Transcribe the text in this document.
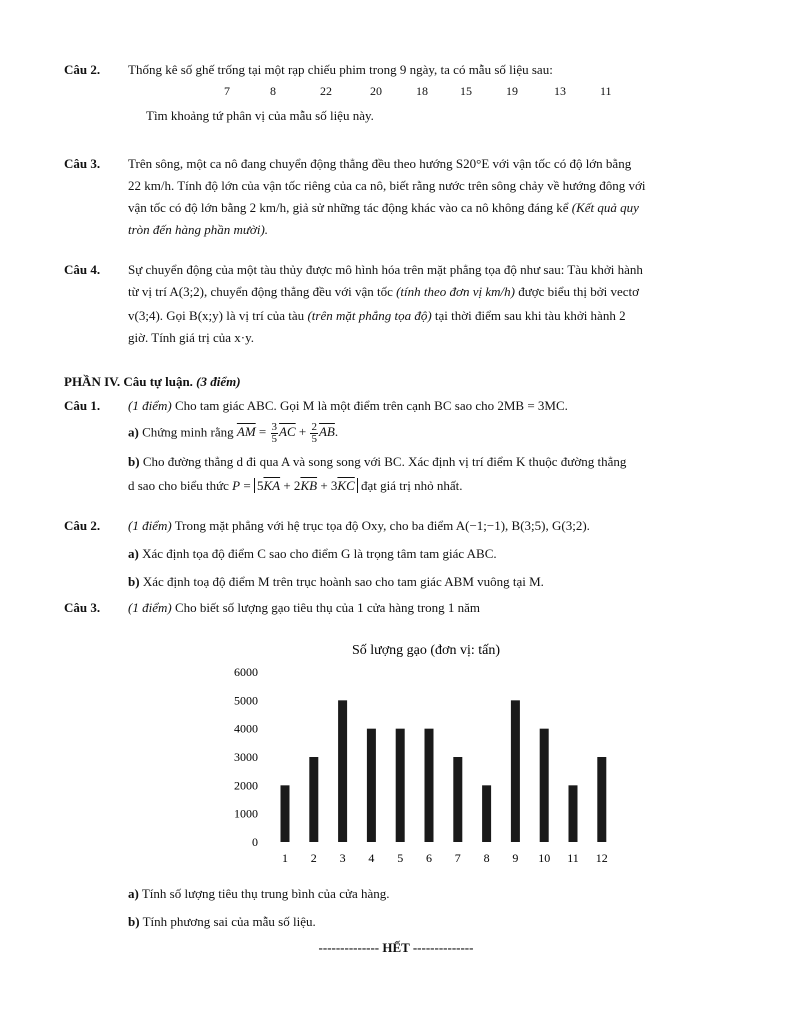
Câu 2. Thống kê số ghế trống tại một rạp chiếu phim trong 9 ngày, ta có mẫu số liệu sau:
7	8	22	20	18	15	19	13	11
Tìm khoảng tứ phân vị của mẫu số liệu này.
Câu 3. Trên sông, một ca nô đang chuyển động thẳng đều theo hướng S20°E với vận tốc có độ lớn bằng
22 km/h. Tính độ lớn của vận tốc riêng của ca nô, biết rằng nước trên sông chảy về hướng đông với
vận tốc có độ lớn bằng 2 km/h, giả sử những tác động khác vào ca nô không đáng kể (Kết quả quy
tròn đến hàng phần mười).
Câu 4. Sự chuyển động của một tàu thủy được mô hình hóa trên mặt phẳng tọa độ như sau: Tàu khởi hành
từ vị trí A(3;2), chuyển động thẳng đều với vận tốc (tính theo đơn vị km/h) được biểu thị bởi vectơ
v(3;4). Gọi B(x;y) là vị trí của tàu (trên mặt phẳng tọa độ) tại thời điểm sau khi tàu khởi hành 2
giờ. Tính giá trị của x·y.
PHẦN IV. Câu tự luận. (3 điểm)
Câu 1. (1 điểm) Cho tam giác ABC. Gọi M là một điểm trên cạnh BC sao cho 2MB = 3MC.
a) Chứng minh rằng $\overline{AM} = \frac{3}{5} \overline{AC} + \frac{2}{5} \overline{AB}$.
b) Cho đường thẳng d đi qua A và song song với BC. Xác định vị trí điểm K thuộc đường thẳng
d sao cho biểu thức $P = 5\overline{KA} + 2\overline{KB} + 3\overline{KC}$ đạt giá trị nhỏ nhất.
Câu 2. (1 điểm) Trong mặt phẳng với hệ trục tọa độ Oxy, cho ba điểm A(−1;−1), B(3;5), G(3;2).
a) Xác định tọa độ điểm C sao cho điểm G là trọng tâm tam giác ABC.
b) Xác định toạ độ điểm M trên trục hoành sao cho tam giác ABM vuông tại M.
Câu 3. (1 điểm) Cho biết số lượng gạo tiêu thụ của 1 cửa hàng trong 1 năm
Số lượng gạo (đơn vị: tấn)
0
1000
2000
3000
4000
5000
6000
1 2 3 4 5 6 7 8 9 10 11 12
a) Tính số lượng tiêu thụ trung bình của cửa hàng.
b) Tính phương sai của mẫu số liệu.
-------------- HẾT --------------
